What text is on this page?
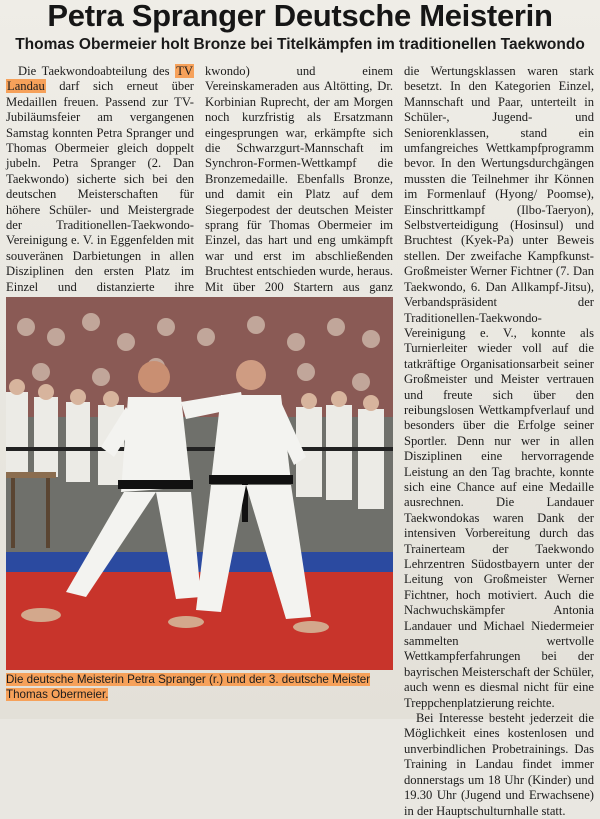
Petra Spranger Deutsche Meisterin
Thomas Obermeier holt Bronze bei Titelkämpfen im traditionellen Taekwondo

Die Taekwondoabteilung des TV Landau darf sich erneut über Medaillen freuen. Passend zur TV-Jubiläumsfeier am vergangenen Samstag konnten Petra Spranger und Thomas Obermeier gleich doppelt jubeln. Petra Spranger (2. Dan Taekwondo) sicherte sich bei den deutschen Meisterschaften für höhere Schüler- und Meistergrade der Traditionellen-Taekwondo-Vereinigung e. V. in Eggenfelden mit souveränen Darbietungen in allen Disziplinen den ersten Platz im Einzel und distanzierte ihre

kwondo) und einem Vereinskameraden aus Altötting, Dr. Korbinian Ruprecht, der am Morgen noch kurzfristig als Ersatzmann eingesprungen war, erkämpfte sich die Schwarzgurt-Mannschaft im Synchron-Formen-Wettkampf die Bronzemedaille. Ebenfalls Bronze, und damit ein Platz auf dem Siegerpodest der deutschen Meister sprang für Thomas Obermeier im Einzel, das hart und eng umkämpft war und erst im abschließenden Bruchtest entschieden wurde, heraus. Mit über 200 Startern aus ganz

die Wertungsklassen waren stark besetzt. In den Kategorien Einzel, Mannschaft und Paar, unterteilt in Schüler-, Jugend- und Seniorenklassen, stand ein umfangreiches Wettkampfprogramm bevor. In den Wertungsdurchgängen mussten die Teilnehmer ihr Können im Formenlauf (Hyong/ Poomse), Einschrittkampf (Ilbo-Taeryon), Selbstverteidigung (Hosinsul) und Bruchtest (Kyek-Pa) unter Beweis stellen. Der zweifache Kampfkunst-Großmeister Werner Fichtner (7. Dan Taekwondo, 6. Dan Allkampf-Jitsu), Verbandspräsident der Traditionellen-Taekwondo-Vereinigung e. V., konnte als Turnierleiter wieder voll auf die tatkräftige Organisationsarbeit seiner Großmeister und Meister vertrauen und freute sich über den reibungslosen Wettkampfverlauf und besonders über die Erfolge seiner Sportler. Denn nur wer in allen Disziplinen eine hervorragende Leistung an den Tag brachte, konnte sich eine Chance auf eine Medaille ausrechnen. Die Landauer Taekwondokas waren Dank der intensiven Vorbereitung durch das Trainerteam der Taekwondo Lehrzentren Südostbayern unter der Leitung von Großmeister Werner Fichtner, hoch motiviert. Auch die Nachwuchskämpfer Antonia Landauer und Michael Niedermeier sammelten wertvolle Wettkampferfahrungen bei der bayrischen Meisterschaft der Schüler, auch wenn es diesmal nicht für eine Treppchenplatzierung reichte.

Bei Interesse besteht jederzeit die Möglichkeit eines kostenlosen und unverbindlichen Probetrainings. Das Training in Landau findet immer donnerstags um 18 Uhr (Kinder) und 19.30 Uhr (Jugend und Erwachsene) in der Hauptschulturnhalle statt.

Die deutsche Meisterin Petra Spranger (r.) und der 3. deutsche Meister Thomas Obermeier.
